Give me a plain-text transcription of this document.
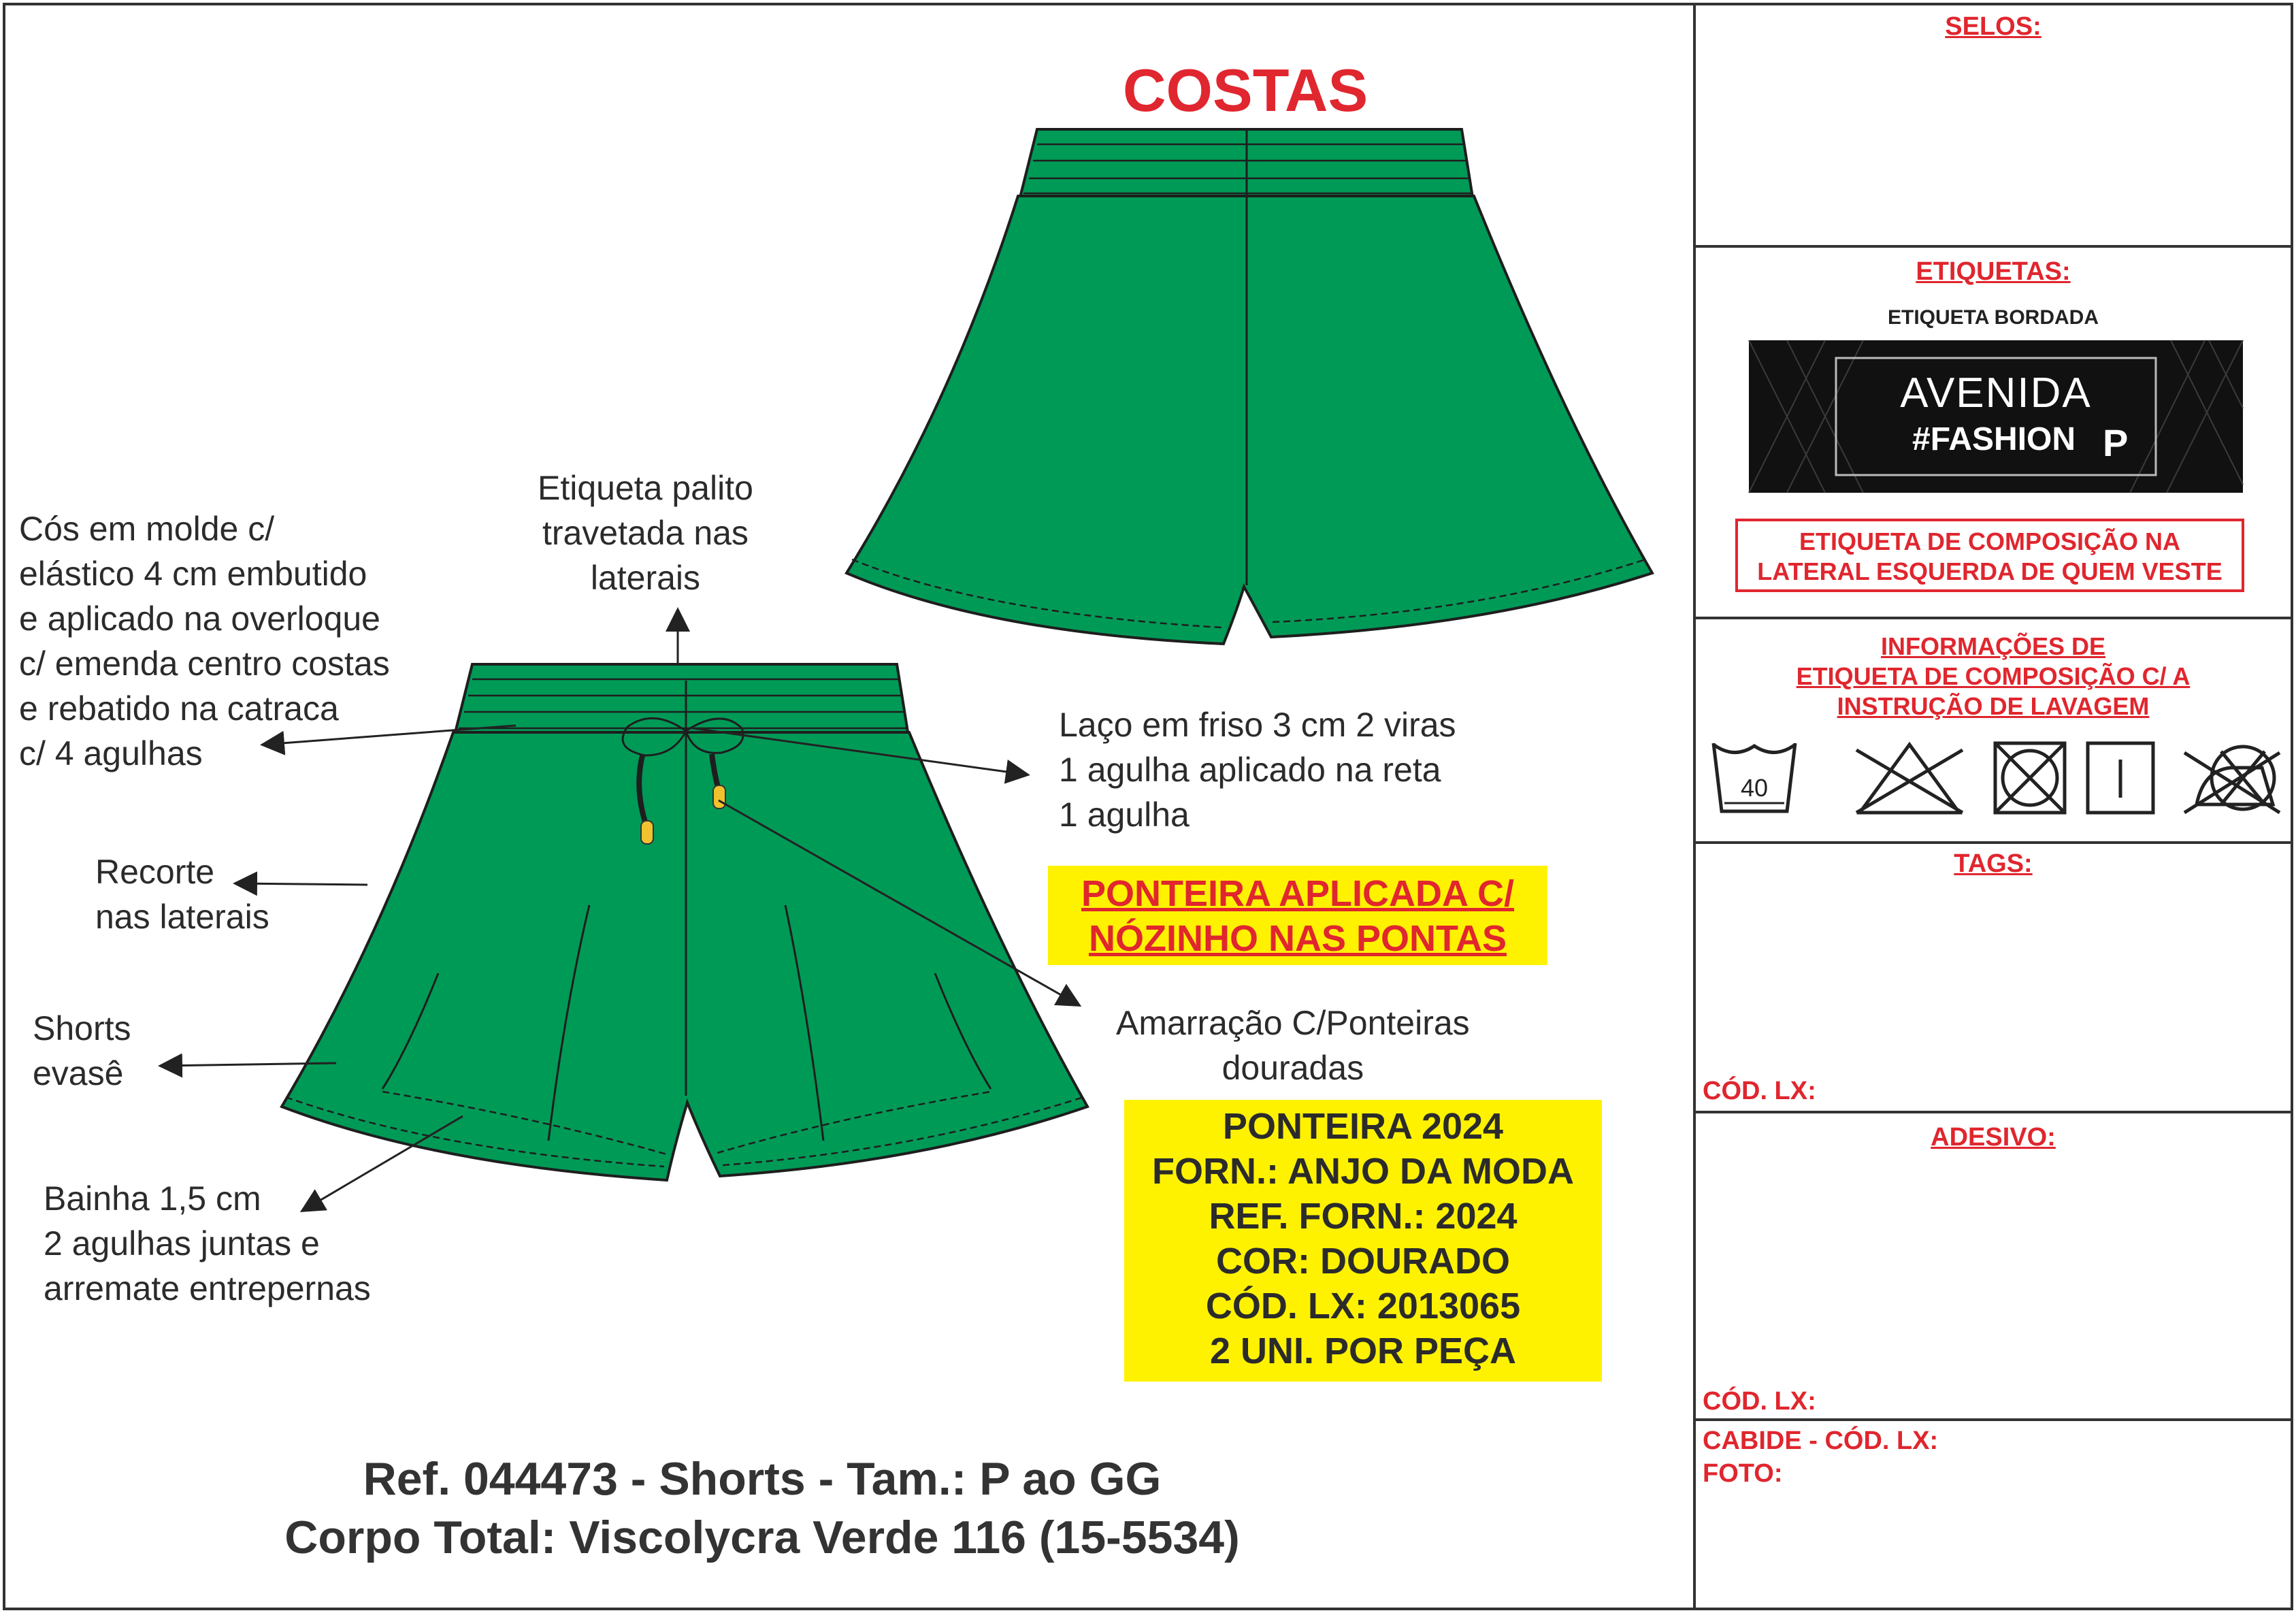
COSTAS
Cós em molde c/
elástico 4 cm embutido
e aplicado na overloque
c/ emenda centro costas
e rebatido na catraca
c/ 4 agulhas
Etiqueta palito
travetada nas
laterais
Laço em friso 3 cm 2 viras
1 agulha aplicado na reta
1 agulha
Recorte
nas laterais
Shorts
evasê
Bainha 1,5 cm
2 agulhas juntas e
arremate entrepernas
Amarração C/Ponteiras
douradas
PONTEIRA APLICADA C/
NÓZINHO NAS PONTAS
PONTEIRA 2024
FORN.: ANJO DA MODA
REF. FORN.: 2024
COR: DOURADO
CÓD. LX: 2013065
2 UNI. POR PEÇA
Ref. 044473 - Shorts - Tam.: P ao GG
Corpo Total: Viscolycra Verde 116 (15-5534)
SELOS:
ETIQUETAS:
ETIQUETA BORDADA
AVENIDA
#FASHION P
ETIQUETA DE COMPOSIÇÃO NA
LATERAL ESQUERDA DE QUEM VESTE
INFORMAÇÕES DE
ETIQUETA DE COMPOSIÇÃO C/ A
INSTRUÇÃO DE LAVAGEM
40
TAGS:
CÓD. LX:
ADESIVO:
CÓD. LX:
CABIDE - CÓD. LX:
FOTO:
